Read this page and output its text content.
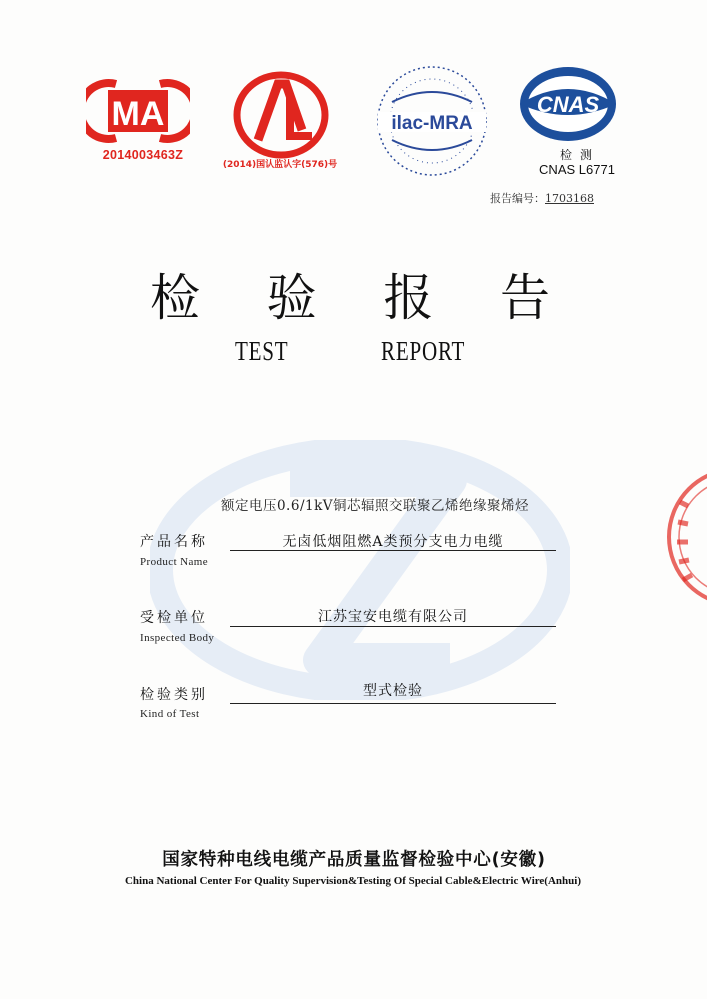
MA
2014003463Z
(2014)国认监认字(576)号
ilac-MRA
CNAS
检测
CNAS L6771
报告编号：1703168
检 验 报 告
TEST	REPORT
额定电压0.6/1kV铜芯辐照交联聚乙烯绝缘聚烯烃
产品名称
Product Name
无卤低烟阻燃A类预分支电力电缆
受检单位
Inspected Body
江苏宝安电缆有限公司
检验类别
Kind of Test
型式检验
国家特种电线电缆产品质量监督检验中心(安徽)
China National Center For Quality Supervision&Testing Of Special Cable&Electric Wire(Anhui)
